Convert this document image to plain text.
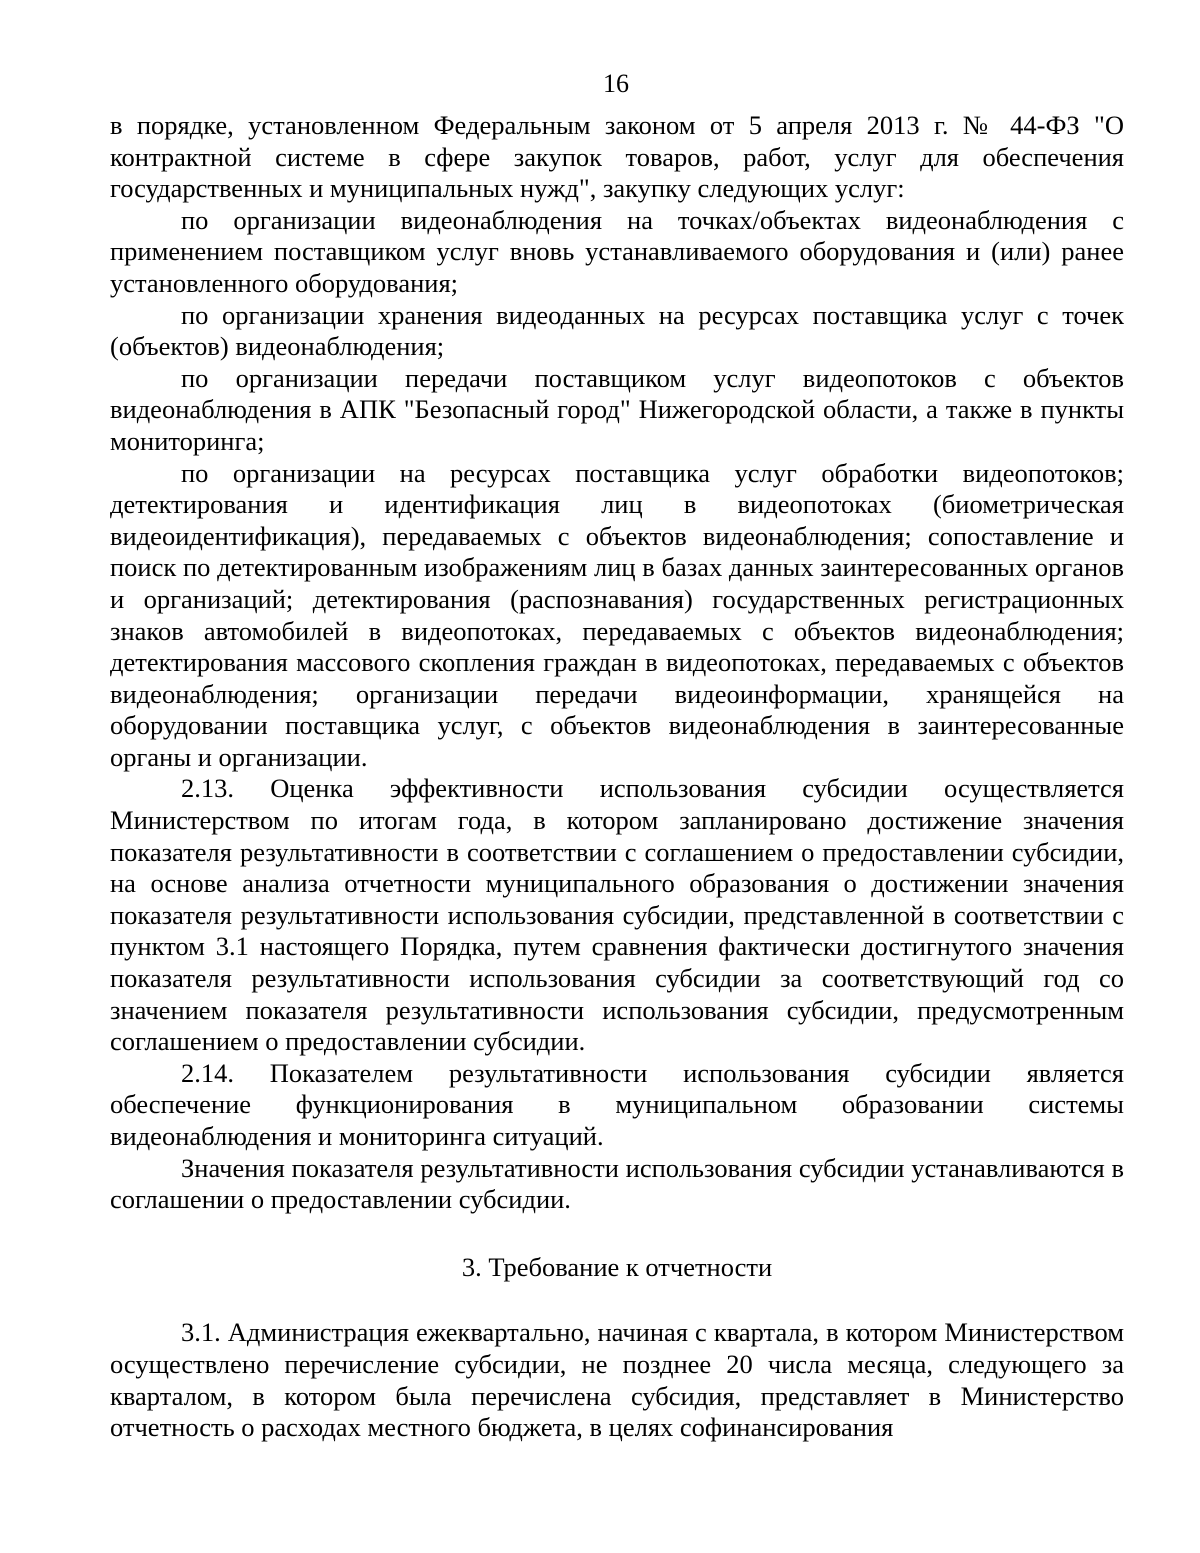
16

в порядке, установленном Федеральным законом от 5 апреля 2013 г. № 44-ФЗ "О контрактной системе в сфере закупок товаров, работ, услуг для обеспечения государственных и муниципальных нужд", закупку следующих услуг:

по организации видеонаблюдения на точках/объектах видеонаблюдения с применением поставщиком услуг вновь устанавливаемого оборудования и (или) ранее установленного оборудования;

по организации хранения видеоданных на ресурсах поставщика услуг с точек (объектов) видеонаблюдения;

по организации передачи поставщиком услуг видеопотоков с объектов видеонаблюдения в АПК "Безопасный город" Нижегородской области, а также в пункты мониторинга;

по организации на ресурсах поставщика услуг обработки видеопотоков; детектирования и идентификация лиц в видеопотоках (биометрическая видеоидентификация), передаваемых с объектов видеонаблюдения; сопоставление и поиск по детектированным изображениям лиц в базах данных заинтересованных органов и организаций; детектирования (распознавания) государственных регистрационных знаков автомобилей в видеопотоках, передаваемых с объектов видеонаблюдения; детектирования массового скопления граждан в видеопотоках, передаваемых с объектов видеонаблюдения; организации передачи видеоинформации, хранящейся на оборудовании поставщика услуг, с объектов видеонаблюдения в заинтересованные органы и организации.

2.13. Оценка эффективности использования субсидии осуществляется Министерством по итогам года, в котором запланировано достижение значения показателя результативности в соответствии с соглашением о предоставлении субсидии, на основе анализа отчетности муниципального образования о достижении значения показателя результативности использования субсидии, представленной в соответствии с пунктом 3.1 настоящего Порядка, путем сравнения фактически достигнутого значения показателя результативности использования субсидии за соответствующий год со значением показателя результативности использования субсидии, предусмотренным соглашением о предоставлении субсидии.

2.14. Показателем результативности использования субсидии является обеспечение функционирования в муниципальном образовании системы видеонаблюдения и мониторинга ситуаций.

Значения показателя результативности использования субсидии устанавливаются в соглашении о предоставлении субсидии.

3. Требование к отчетности

3.1. Администрация ежеквартально, начиная с квартала, в котором Министерством осуществлено перечисление субсидии, не позднее 20 числа месяца, следующего за кварталом, в котором была перечислена субсидия, представляет в Министерство отчетность о расходах местного бюджета, в целях софинансирования
